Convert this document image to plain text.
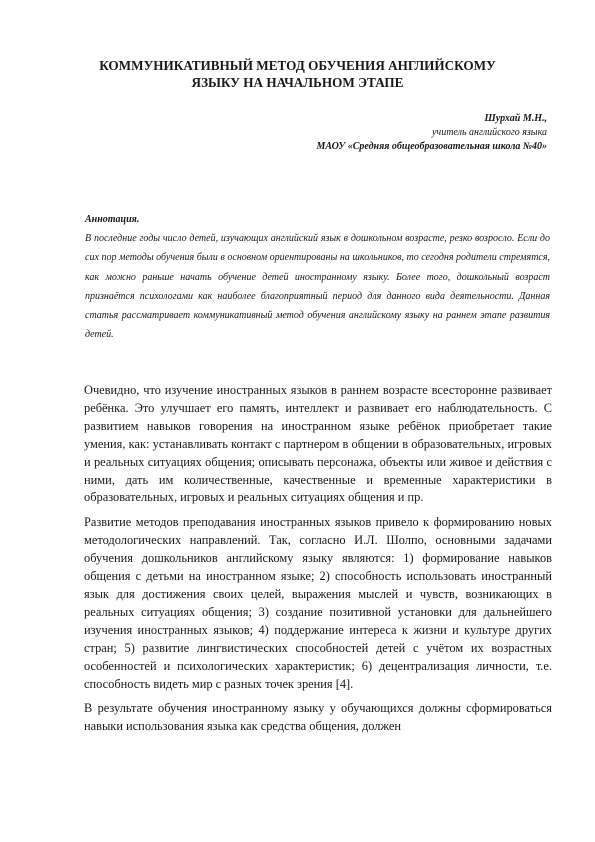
КОММУНИКАТИВНЫЙ МЕТОД ОБУЧЕНИЯ АНГЛИЙСКОМУ
ЯЗЫКУ НА НАЧАЛЬНОМ ЭТАПЕ
Шурхай М.Н.,
учитель английского языка
МАОУ «Средняя общеобразовательная школа №40»
Аннотация.
В последние годы число детей, изучающих английский язык в дошкольном возрасте, резко возросло. Если до сих пор методы обучения были в основном ориентированы на школьников, то сегодня родители стремятся, как можно раньше начать обучение детей иностранному языку. Более того, дошкольный возраст признаётся психологами как наиболее благоприятный период для данного вида деятельности. Данная статья рассматривает коммуникативный метод обучения английскому языку на раннем этапе развития детей.

Очевидно, что изучение иностранных языков в раннем возрасте всесторонне развивает ребёнка. Это улучшает его память, интеллект и развивает его наблюдательность. С развитием навыков говорения на иностранном языке ребёнок приобретает такие умения, как: устанавливать контакт с партнером в общении в образовательных, игровых и реальных ситуациях общения; описывать персонажа, объекты или живое и действия с ними, дать им количественные, качественные и временные характеристики в образовательных, игровых и реальных ситуациях общения и пр.

Развитие методов преподавания иностранных языков привело к формированию новых методологических направлений. Так, согласно И.Л. Шолпо, основными задачами обучения дошкольников английскому языку являются: 1) формирование навыков общения с детьми на иностранном языке; 2) способность использовать иностранный язык для достижения своих целей, выражения мыслей и чувств, возникающих в реальных ситуациях общения; 3) создание позитивной установки для дальнейшего изучения иностранных языков; 4) поддержание интереса к жизни и культуре других стран; 5) развитие лингвистических способностей детей с учётом их возрастных особенностей и психологических характеристик; 6) децентрализация личности, т.е. способность видеть мир с разных точек зрения [4].

В результате обучения иностранному языку у обучающихся должны сформироваться навыки использования языка как средства общения, должен
